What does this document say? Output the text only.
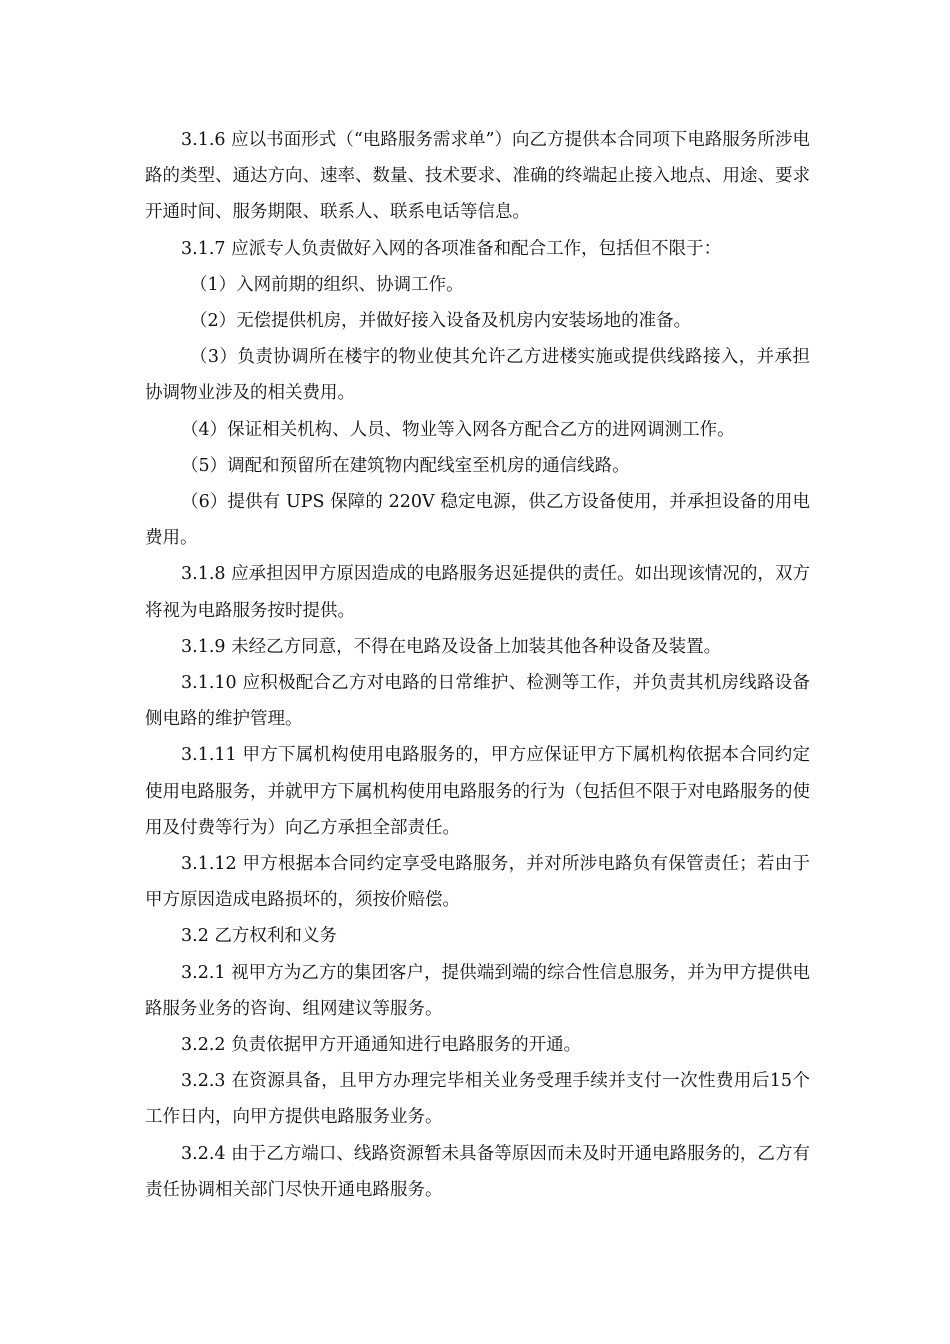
3.1.6 应以书面形式（“电路服务需求单”）向乙方提供本合同项下电路服务所涉电路的类型、通达方向、速率、数量、技术要求、准确的终端起止接入地点、用途、要求开通时间、服务期限、联系人、联系电话等信息。

3.1.7 应派专人负责做好入网的各项准备和配合工作，包括但不限于：

（1）入网前期的组织、协调工作。

（2）无偿提供机房，并做好接入设备及机房内安装场地的准备。

（3）负责协调所在楼宇的物业使其允许乙方进楼实施或提供线路接入，并承担协调物业涉及的相关费用。

（4）保证相关机构、人员、物业等入网各方配合乙方的进网调测工作。

（5）调配和预留所在建筑物内配线室至机房的通信线路。

（6）提供有 UPS 保障的 220V 稳定电源，供乙方设备使用，并承担设备的用电费用。

3.1.8 应承担因甲方原因造成的电路服务迟延提供的责任。如出现该情况的，双方将视为电路服务按时提供。

3.1.9 未经乙方同意，不得在电路及设备上加装其他各种设备及装置。

3.1.10 应积极配合乙方对电路的日常维护、检测等工作，并负责其机房线路设备侧电路的维护管理。

3.1.11 甲方下属机构使用电路服务的，甲方应保证甲方下属机构依据本合同约定使用电路服务，并就甲方下属机构使用电路服务的行为（包括但不限于对电路服务的使用及付费等行为）向乙方承担全部责任。

3.1.12 甲方根据本合同约定享受电路服务，并对所涉电路负有保管责任；若由于甲方原因造成电路损坏的，须按价赔偿。

3.2 乙方权利和义务

3.2.1 视甲方为乙方的集团客户，提供端到端的综合性信息服务，并为甲方提供电路服务业务的咨询、组网建议等服务。

3.2.2 负责依据甲方开通通知进行电路服务的开通。

3.2.3 在资源具备，且甲方办理完毕相关业务受理手续并支付一次性费用后15个工作日内，向甲方提供电路服务业务。

3.2.4 由于乙方端口、线路资源暂未具备等原因而未及时开通电路服务的，乙方有责任协调相关部门尽快开通电路服务。
